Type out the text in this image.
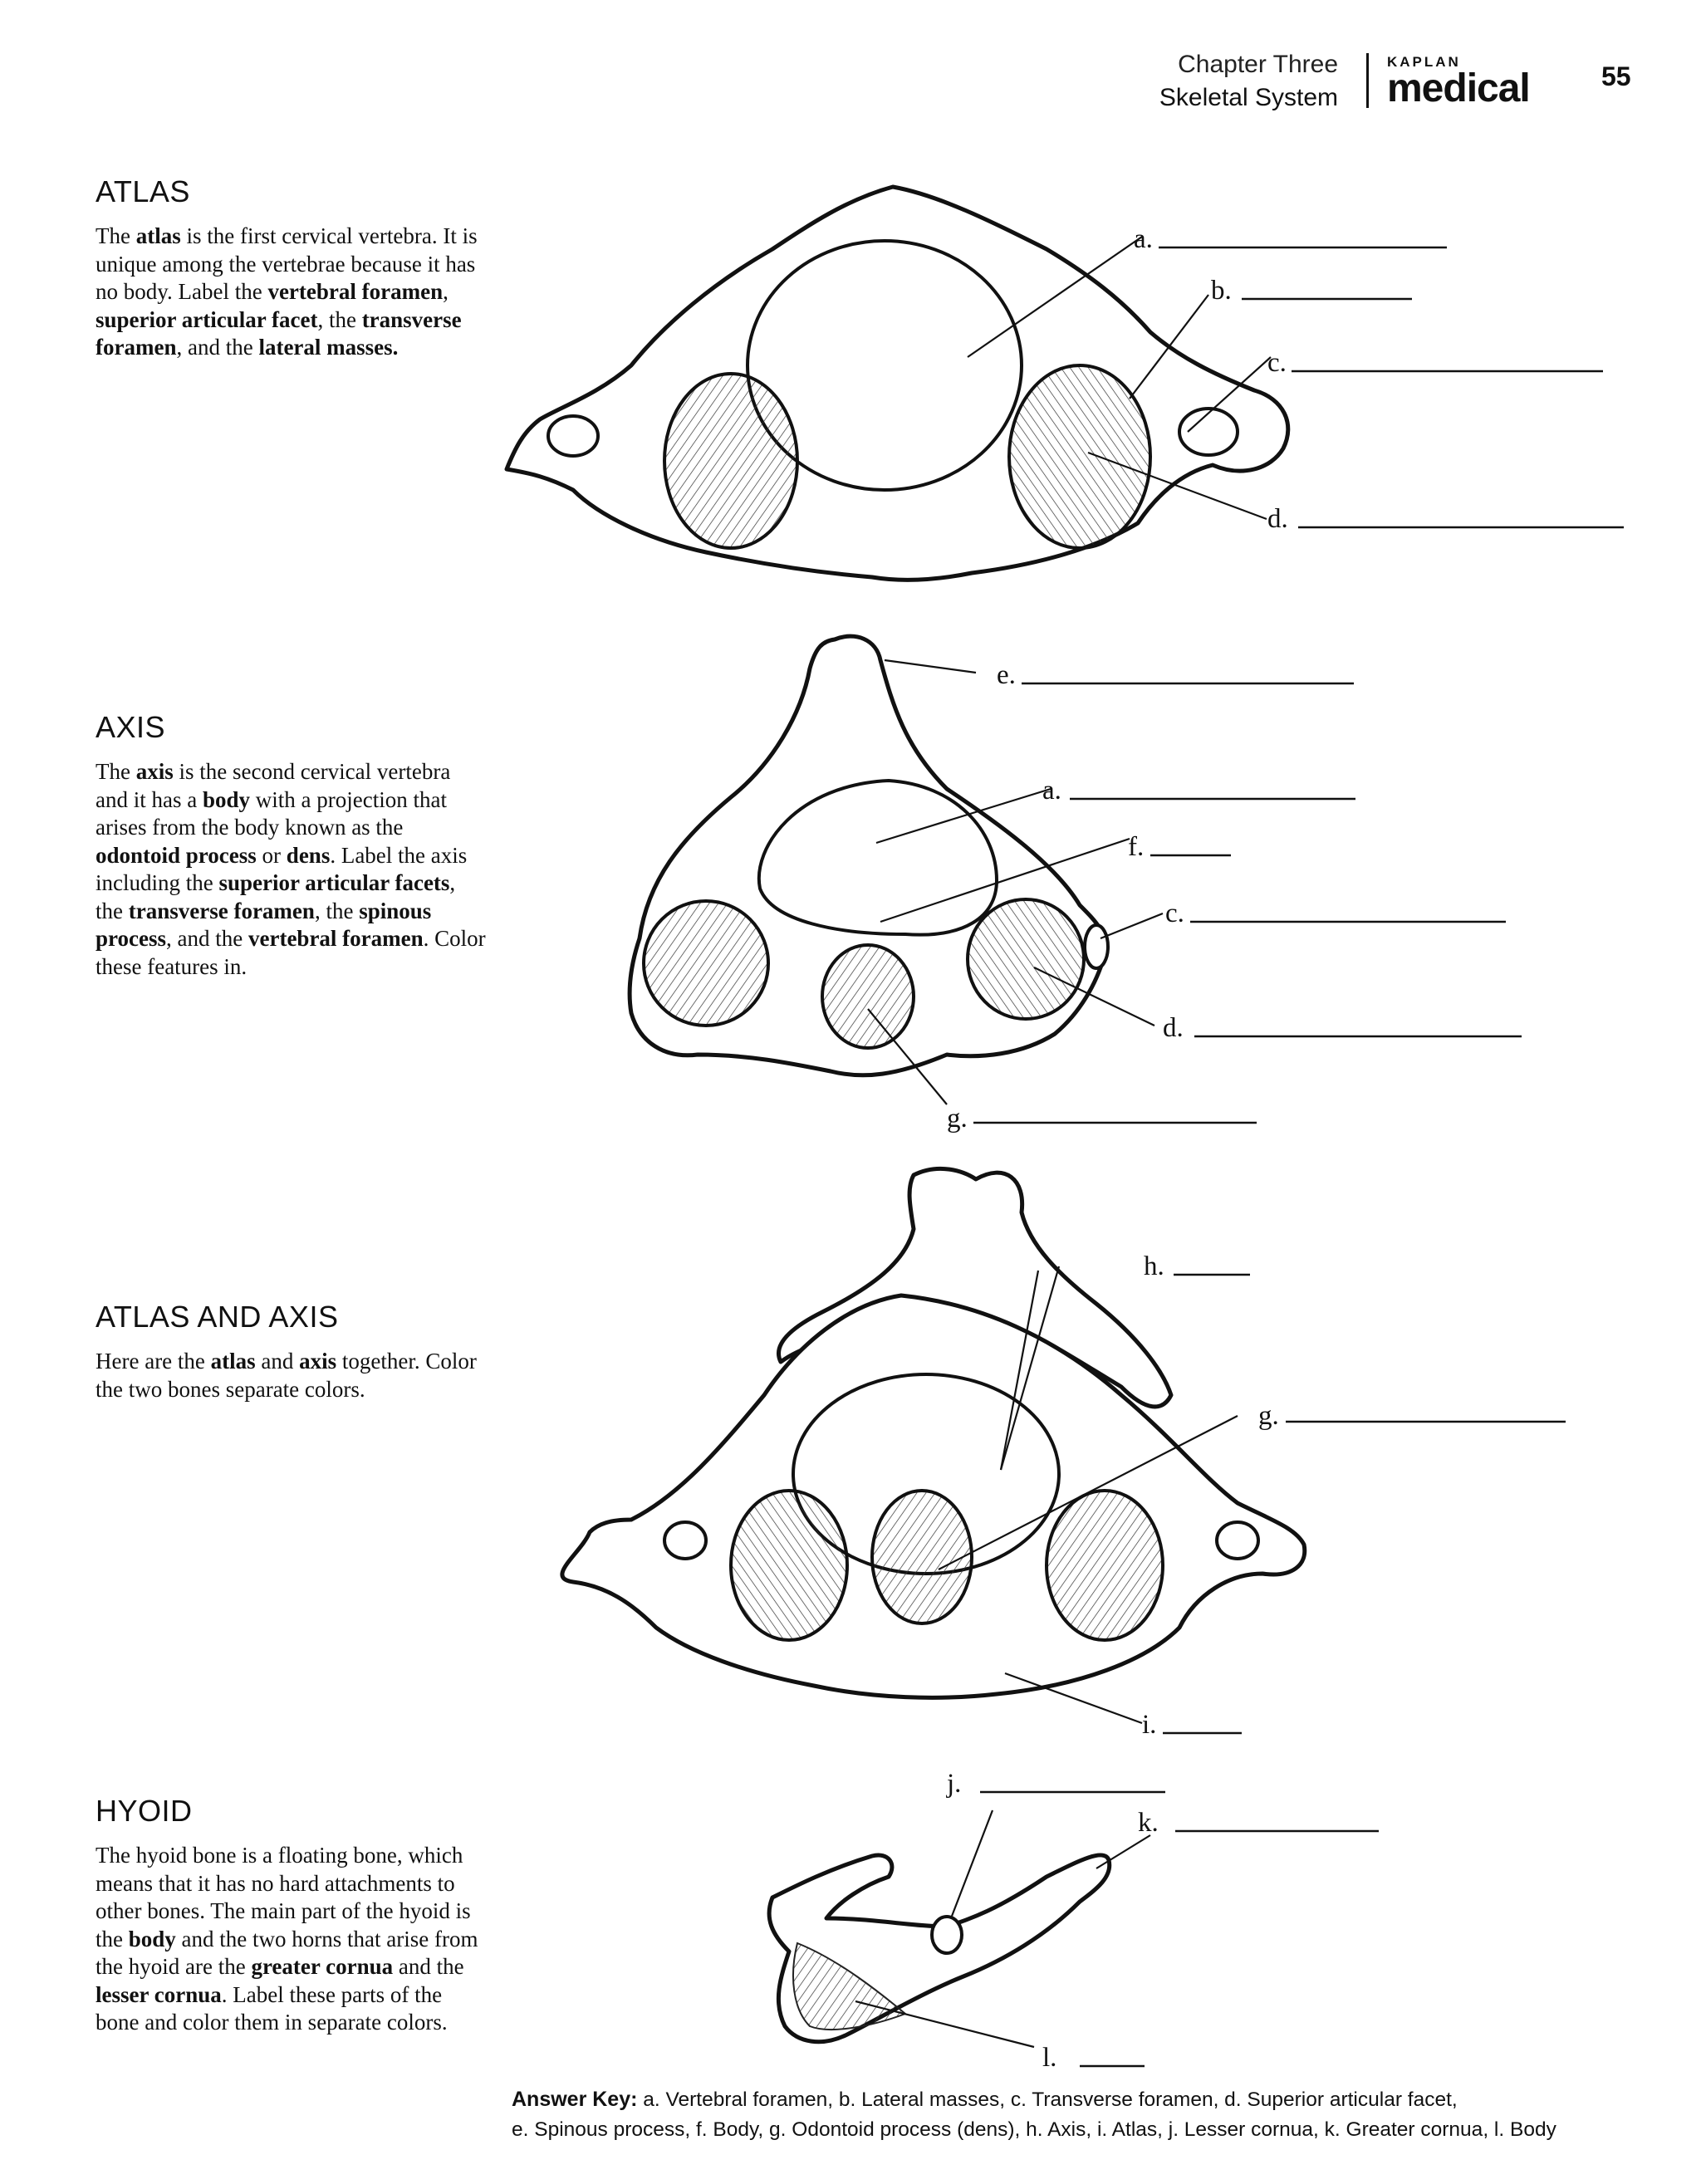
Chapter Three
Skeletal System
KAPLAN
medical	55
ATLAS

The atlas is the first cervical vertebra. It is unique among the vertebrae because it has no body. Label the vertebral foramen, superior articular facet, the transverse foramen, and the lateral masses.

AXIS

The axis is the second cervical vertebra and it has a body with a projection that arises from the body known as the odontoid process or dens. Label the axis including the superior articular facets, the transverse foramen, the spinous process, and the vertebral foramen. Color these features in.

ATLAS AND AXIS

Here are the atlas and axis together. Color the two bones separate colors.

HYOID

The hyoid bone is a floating bone, which means that it has no hard attachments to other bones. The main part of the hyoid is the body and the two horns that arise from the hyoid are the greater cornua and the lesser cornua. Label these parts of the bone and color them in separate colors.

a.
b.
c.
d.
e.
a.
f.
c.
d.
g.
h.
g.
i.
j.
k.
l.
Answer Key: a. Vertebral foramen, b. Lateral masses, c. Transverse foramen, d. Superior articular facet,
e. Spinous process, f. Body, g. Odontoid process (dens), h. Axis, i. Atlas, j. Lesser cornua, k. Greater cornua, l. Body
